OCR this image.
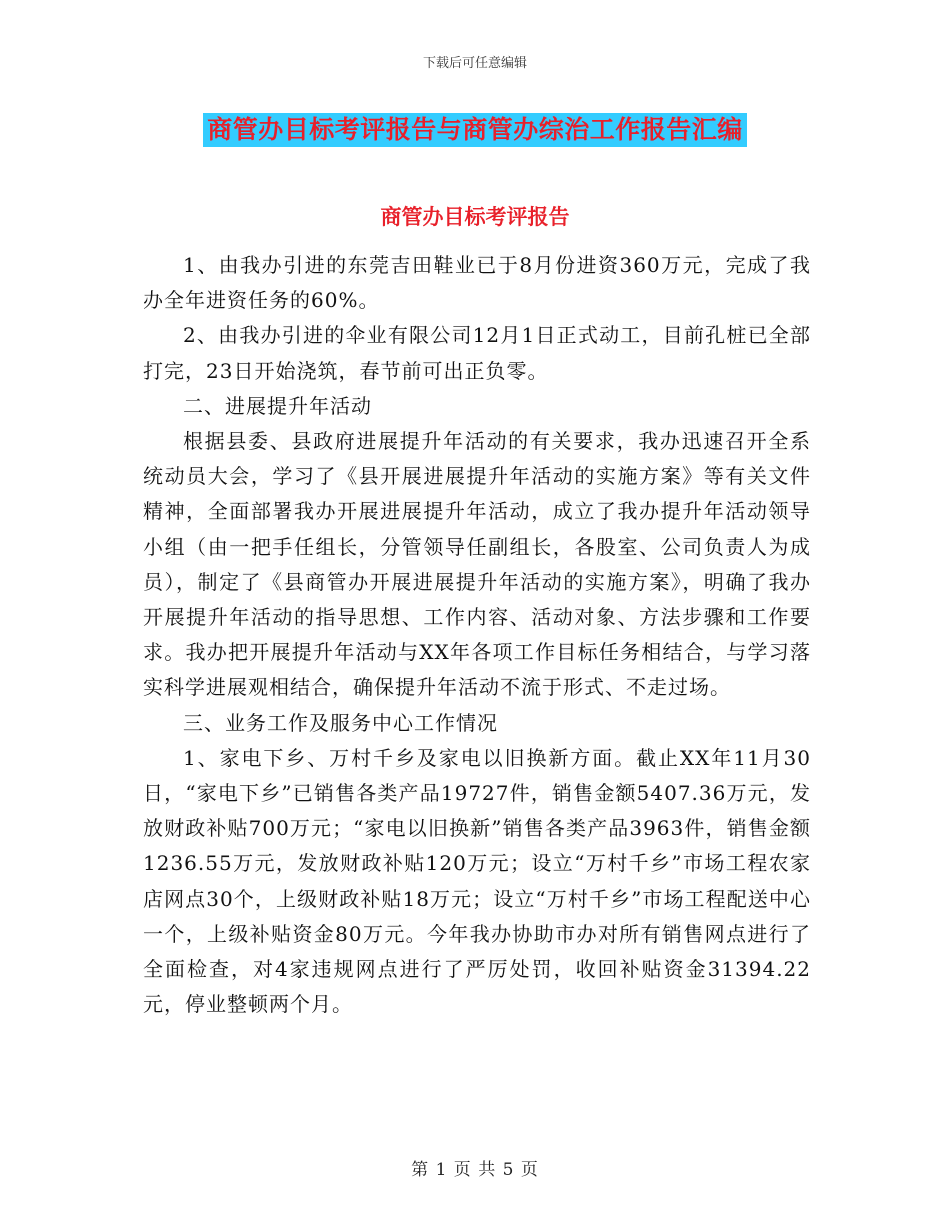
下载后可任意编辑
商管办目标考评报告与商管办综治工作报告汇编
商管办目标考评报告

1、由我办引进的东莞吉田鞋业已于8月份进资360万元，完成了我办全年进资任务的60%。

2、由我办引进的伞业有限公司12月1日正式动工，目前孔桩已全部打完，23日开始浇筑，春节前可出正负零。

二、进展提升年活动

根据县委、县政府进展提升年活动的有关要求，我办迅速召开全系统动员大会，学习了《县开展进展提升年活动的实施方案》等有关文件精神，全面部署我办开展进展提升年活动，成立了我办提升年活动领导小组（由一把手任组长，分管领导任副组长，各股室、公司负责人为成员），制定了《县商管办开展进展提升年活动的实施方案》，明确了我办开展提升年活动的指导思想、工作内容、活动对象、方法步骤和工作要求。我办把开展提升年活动与XX年各项工作目标任务相结合，与学习落实科学进展观相结合，确保提升年活动不流于形式、不走过场。

三、业务工作及服务中心工作情况

1、家电下乡、万村千乡及家电以旧换新方面。截止XX年11月30日，“家电下乡”已销售各类产品19727件，销售金额5407.36万元，发放财政补贴700万元；“家电以旧换新”销售各类产品3963件，销售金额1236.55万元，发放财政补贴120万元；设立“万村千乡”市场工程农家店网点30个，上级财政补贴18万元；设立“万村千乡”市场工程配送中心一个，上级补贴资金80万元。今年我办协助市办对所有销售网点进行了全面检查，对4家违规网点进行了严厉处罚，收回补贴资金31394.22元，停业整顿两个月。

第 1 页 共 5 页
